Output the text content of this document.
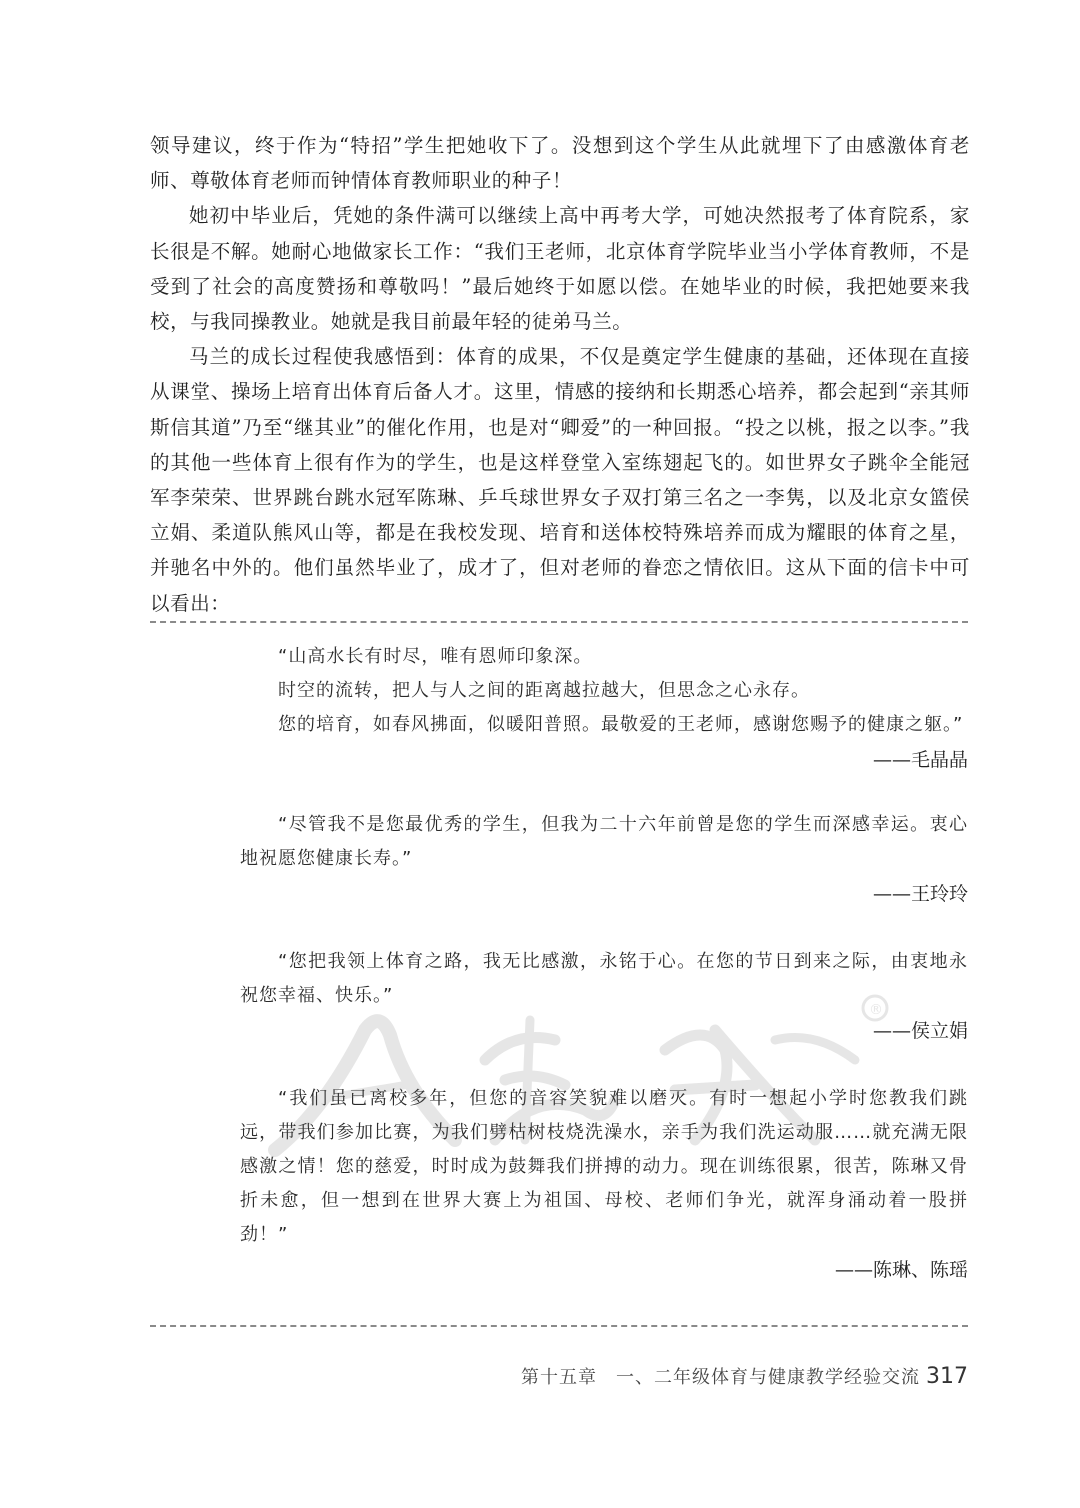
领导建议，终于作为“特招”学生把她收下了。没想到这个学生从此就埋下了由感激体育老师、尊敬体育老师而钟情体育教师职业的种子！

她初中毕业后，凭她的条件满可以继续上高中再考大学，可她决然报考了体育院系，家长很是不解。她耐心地做家长工作：“我们王老师，北京体育学院毕业当小学体育教师，不是受到了社会的高度赞扬和尊敬吗！”最后她终于如愿以偿。在她毕业的时候，我把她要来我校，与我同操教业。她就是我目前最年轻的徒弟马兰。

马兰的成长过程使我感悟到：体育的成果，不仅是奠定学生健康的基础，还体现在直接从课堂、操场上培育出体育后备人才。这里，情感的接纳和长期悉心培养，都会起到“亲其师斯信其道”乃至“继其业”的催化作用，也是对“卿爱”的一种回报。“投之以桃，报之以李。”我的其他一些体育上很有作为的学生，也是这样登堂入室练翅起飞的。如世界女子跳伞全能冠军李荣荣、世界跳台跳水冠军陈琳、乒乓球世界女子双打第三名之一李隽，以及北京女篮侯立娟、柔道队熊风山等，都是在我校发现、培育和送体校特殊培养而成为耀眼的体育之星，并驰名中外的。他们虽然毕业了，成才了，但对老师的眷恋之情依旧。这从下面的信卡中可以看出：

“山高水长有时尽，唯有恩师印象深。
时空的流转，把人与人之间的距离越拉越大，但思念之心永存。
您的培育，如春风拂面，似暖阳普照。最敬爱的王老师，感谢您赐予的健康之躯。”

——毛晶晶

“尽管我不是您最优秀的学生，但我为二十六年前曾是您的学生而深感幸运。衷心地祝愿您健康长寿。”

——王玲玲

“您把我领上体育之路，我无比感激，永铭于心。在您的节日到来之际，由衷地永祝您幸福、快乐。”

——侯立娟

“我们虽已离校多年，但您的音容笑貌难以磨灭。有时一想起小学时您教我们跳远，带我们参加比赛，为我们劈枯树枝烧洗澡水，亲手为我们洗运动服……就充满无限感激之情！您的慈爱，时时成为鼓舞我们拼搏的动力。现在训练很累，很苦，陈琳又骨折未愈，但一想到在世界大赛上为祖国、母校、老师们争光，就浑身涌动着一股拼劲！”

——陈琳、陈瑶

®
第十五章　一、二年级体育与健康教学经验交流 317
